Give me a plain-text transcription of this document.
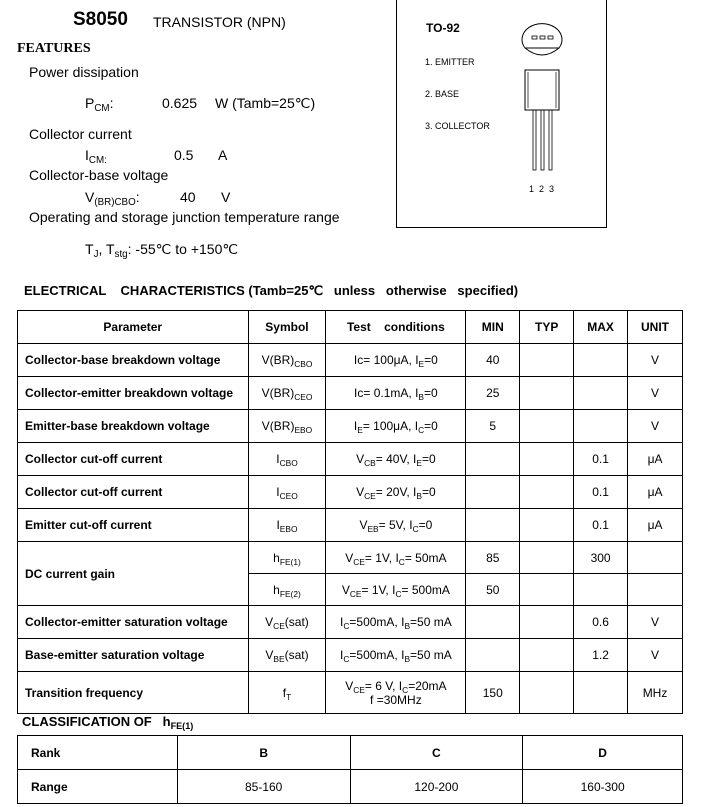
S8050 TRANSISTOR (NPN)
FEATURES
Power dissipation
$P_{CM}$:	0.625 W (Tamb=25℃)
Collector current
$I_{CM:}$	0.5 A
Collector-base voltage
$V_{(BR)CBO}$:	40 V
Operating and storage junction temperature range
$T_J$, $T_{stg}$: -55℃ to +150℃
TO-92
1. EMITTER
2. BASE
3. COLLECTOR
1 2 3
ELECTRICAL    CHARACTERISTICS (Tamb=25℃   unless   otherwise   specified)
Parameter	Symbol	Test    conditions	MIN	TYP	MAX	UNIT
Collector-base breakdown voltage	$V(BR)_{CBO}$	Ic= 100μA, $I_E=0$	40			V
Collector-emitter breakdown voltage	$V(BR)_{CEO}$	Ic= 0.1mA, $I_B=0$	25			V
Emitter-base breakdown voltage	$V(BR)_{EBO}$	$I_E= 100\mu A$, $I_C=0$	5			V
Collector cut-off current	$I_{CBO}$	$V_{CB}= 40V$, $I_E=0$			0.1	μA
Collector cut-off current	$I_{CEO}$	$V_{CE}= 20V$, $I_B=0$			0.1	μA
Emitter cut-off current	$I_{EBO}$	$V_{EB}= 5V$, $I_C=0$			0.1	μA
DC current gain	$h_{FE(1)}$	$V_{CE}= 1V$, $I_C= 50mA$	85		300	
	$h_{FE(2)}$	$V_{CE}= 1V$, $I_C= 500mA$	50			
Collector-emitter saturation voltage	$V_{CE}(sat)$	$I_C=500mA$, $I_B=50$ mA			0.6	V
Base-emitter saturation voltage	$V_{BE}(sat)$	$I_C=500mA$, $I_B=50$ mA			1.2	V
Transition frequency	$f_T$	$V_{CE}= 6$ V, $I_C=20mA$
f =30MHz	150			MHz
CLASSIFICATION OF $h_{FE(1)}$
Rank	B	C	D
Range	85-160	120-200	160-300
